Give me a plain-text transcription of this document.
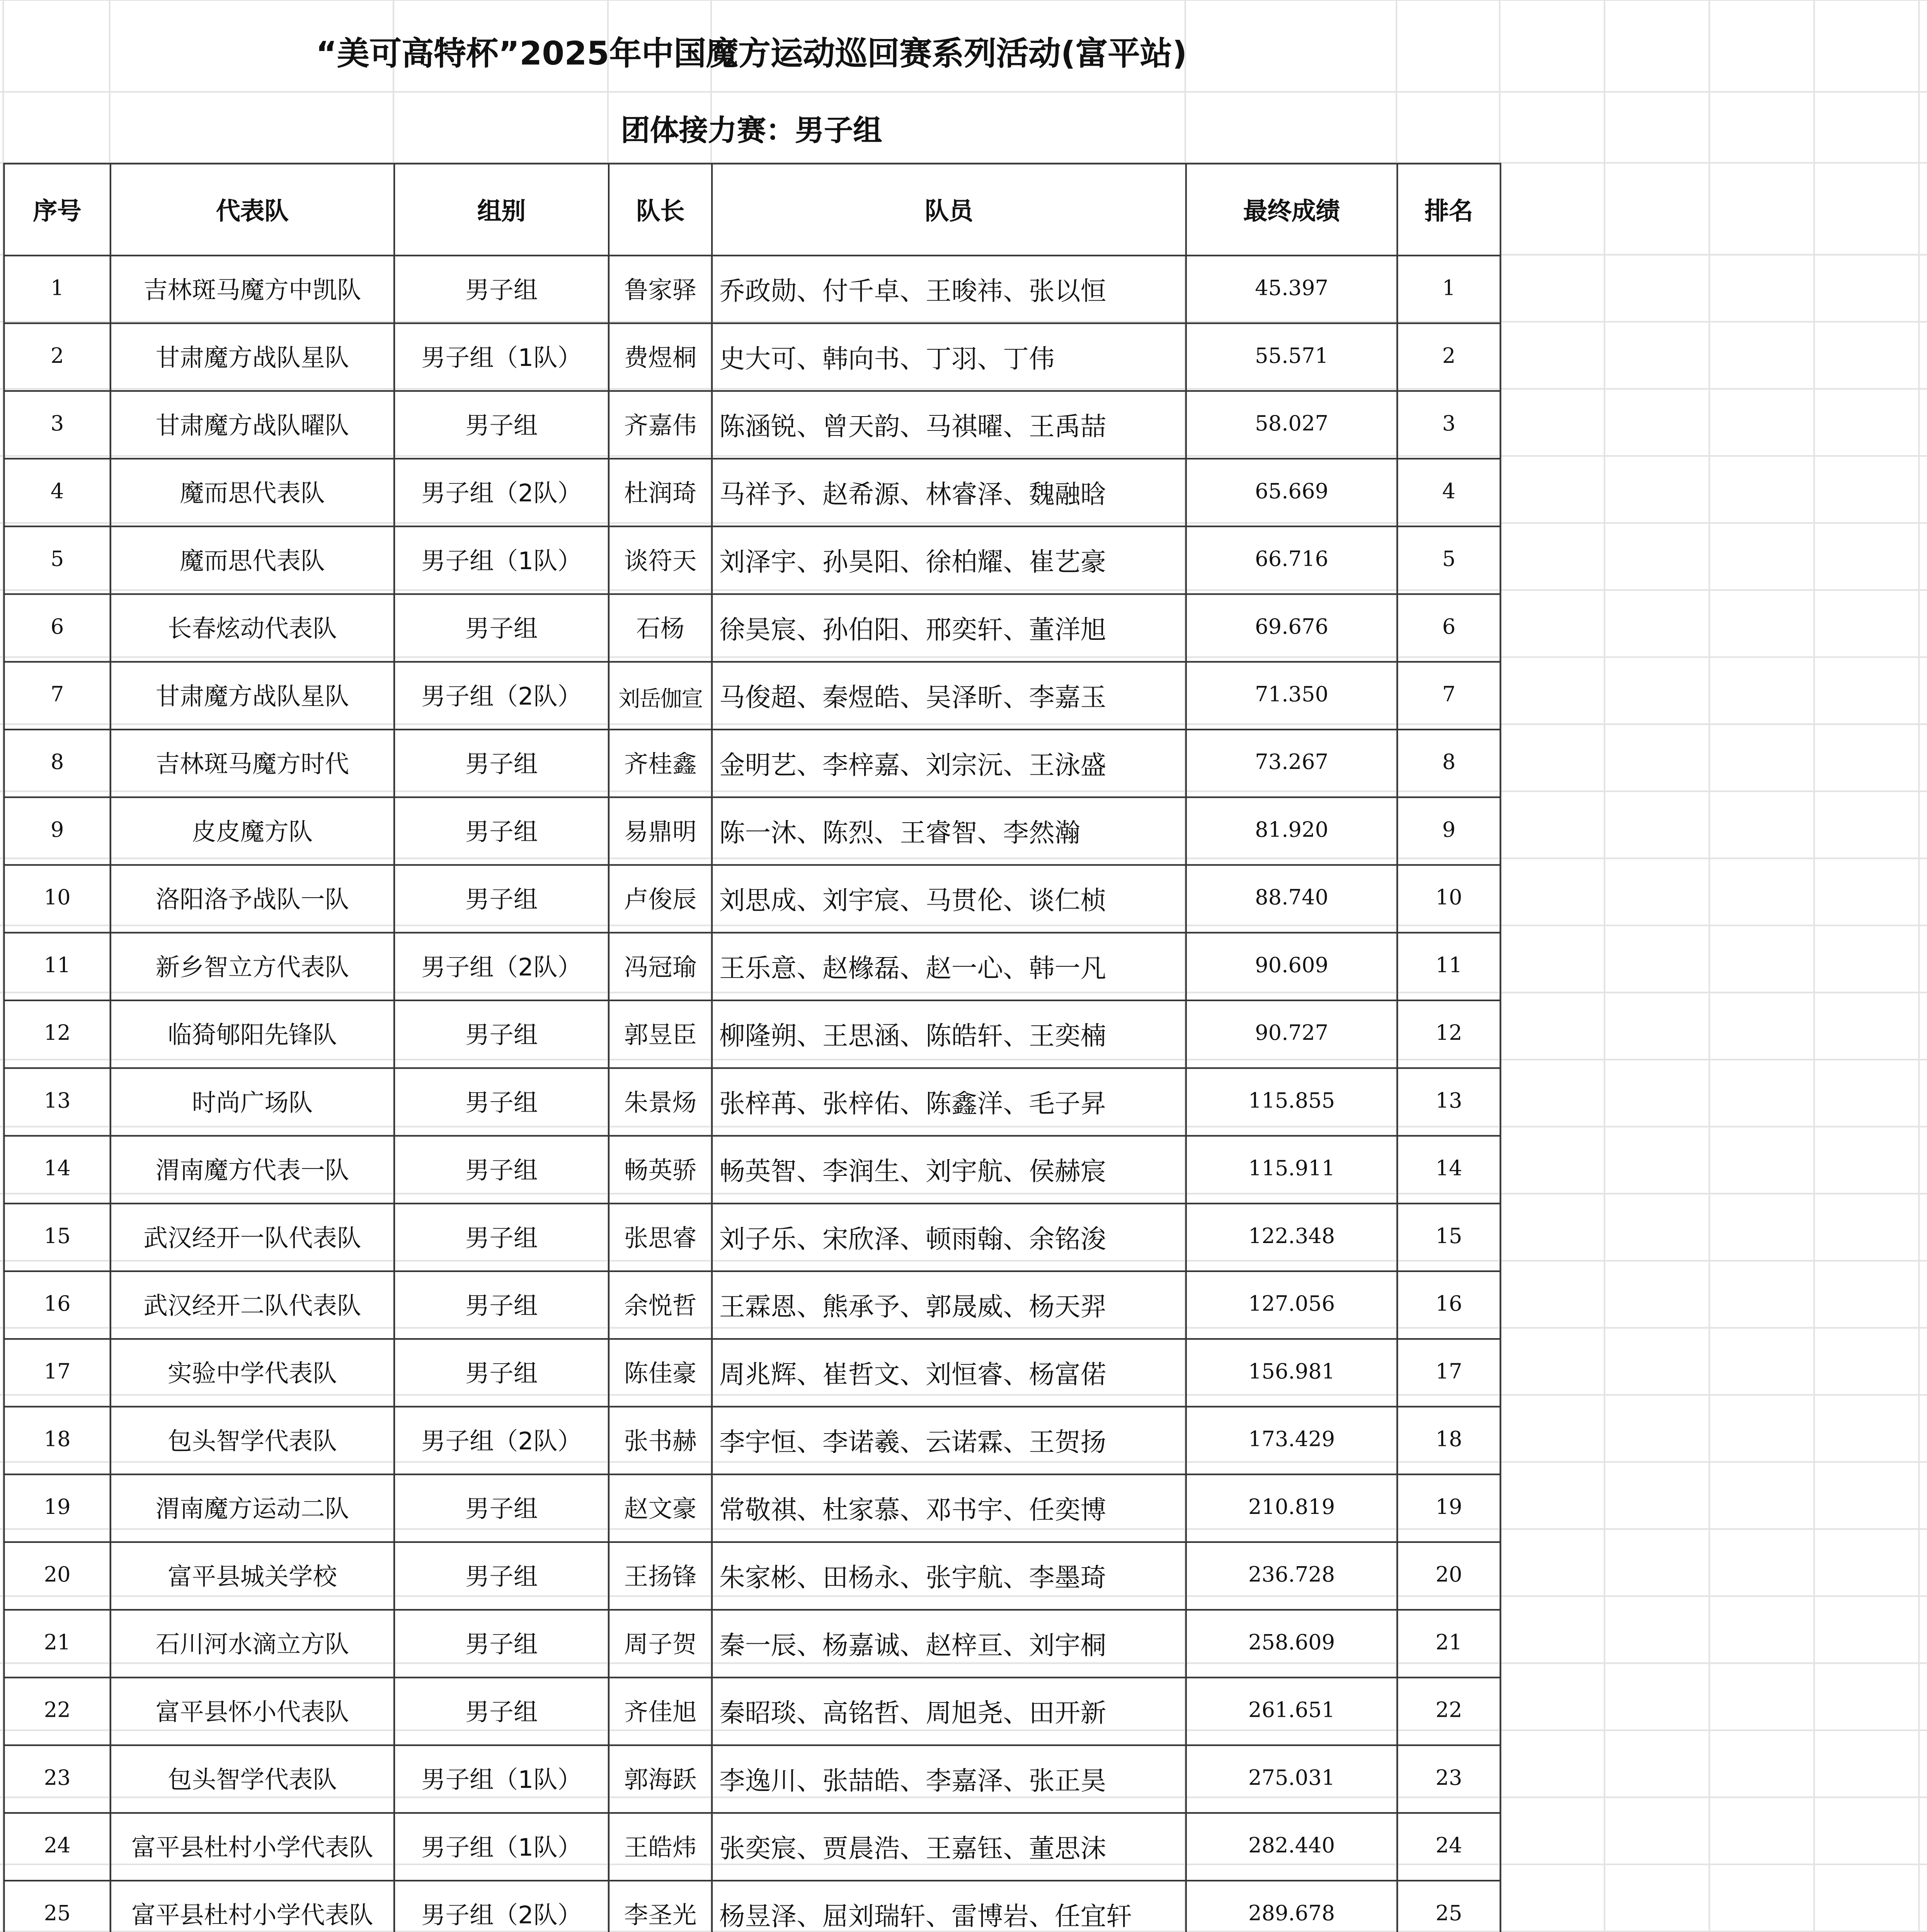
“美可高特杯”2025年中国魔方运动巡回赛系列活动(富平站)
团体接力赛：男子组
序号	代表队	组别	队长	队员	最终成绩	排名
1	吉林斑马魔方中凯队	男子组	鲁家驿	乔政勋、付千卓、王晙祎、张以恒	45.397	1
2	甘肃魔方战队星队	男子组（1队）	费煜桐	史大可、韩向书、丁羽、丁伟	55.571	2
3	甘肃魔方战队曜队	男子组	齐嘉伟	陈涵锐、曾天韵、马祺曜、王禹喆	58.027	3
4	魔而思代表队	男子组（2队）	杜润琦	马祥予、赵希源、林睿泽、魏融晗	65.669	4
5	魔而思代表队	男子组（1队）	谈符天	刘泽宇、孙昊阳、徐柏耀、崔艺豪	66.716	5
6	长春炫动代表队	男子组	石杨	徐昊宸、孙伯阳、邢奕轩、董洋旭	69.676	6
7	甘肃魔方战队星队	男子组（2队）	刘岳伽宣	马俊超、秦煜皓、吴泽昕、李嘉玉	71.350	7
8	吉林斑马魔方时代	男子组	齐桂鑫	金明艺、李梓嘉、刘宗沅、王泳盛	73.267	8
9	皮皮魔方队	男子组	易鼎明	陈一沐、陈烈、王睿智、李然瀚	81.920	9
10	洛阳洛予战队一队	男子组	卢俊辰	刘思成、刘宇宸、马贯伦、谈仁桢	88.740	10
11	新乡智立方代表队	男子组（2队）	冯冠瑜	王乐意、赵橼磊、赵一心、韩一凡	90.609	11
12	临猗郇阳先锋队	男子组	郭昱臣	柳隆朔、王思涵、陈皓轩、王奕楠	90.727	12
13	时尚广场队	男子组	朱景炀	张梓苒、张梓佑、陈鑫洋、毛子昇	115.855	13
14	渭南魔方代表一队	男子组	畅英骄	畅英智、李润生、刘宇航、侯赫宸	115.911	14
15	武汉经开一队代表队	男子组	张思睿	刘子乐、宋欣泽、顿雨翰、余铭浚	122.348	15
16	武汉经开二队代表队	男子组	余悦哲	王霖恩、熊承予、郭晟威、杨天羿	127.056	16
17	实验中学代表队	男子组	陈佳豪	周兆辉、崔哲文、刘恒睿、杨富偌	156.981	17
18	包头智学代表队	男子组（2队）	张书赫	李宇恒、李诺羲、云诺霖、王贺扬	173.429	18
19	渭南魔方运动二队	男子组	赵文豪	常敬祺、杜家慕、邓书宇、任奕博	210.819	19
20	富平县城关学校	男子组	王扬锋	朱家彬、田杨永、张宇航、李墨琦	236.728	20
21	石川河水滴立方队	男子组	周子贺	秦一辰、杨嘉诚、赵梓亘、刘宇桐	258.609	21
22	富平县怀小代表队	男子组	齐佳旭	秦昭琰、高铭哲、周旭尧、田开新	261.651	22
23	包头智学代表队	男子组（1队）	郭海跃	李逸川、张喆皓、李嘉泽、张正昊	275.031	23
24	富平县杜村小学代表队	男子组（1队）	王皓炜	张奕宸、贾晨浩、王嘉钰、董思沫	282.440	24
25	富平县杜村小学代表队	男子组（2队）	李圣光	杨昱泽、屈刘瑞轩、雷博岩、任宜轩	289.678	25
